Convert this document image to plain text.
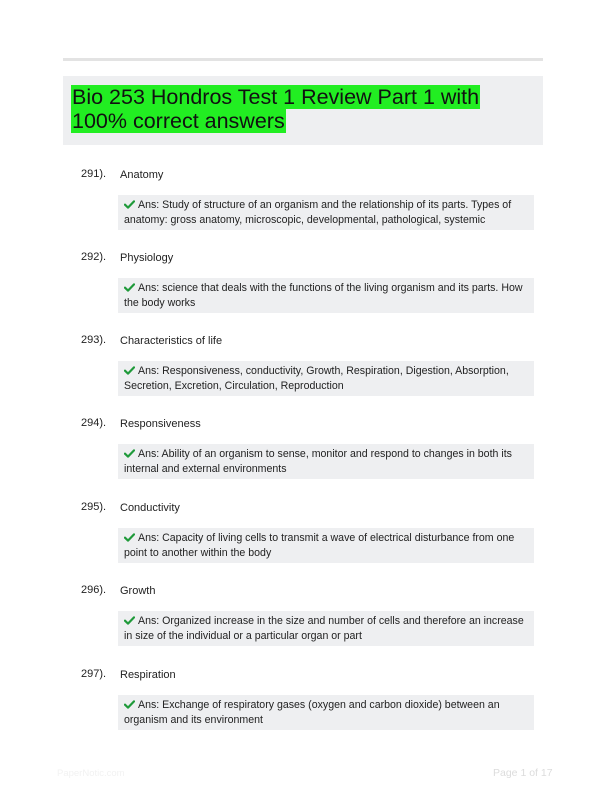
Bio 253 Hondros Test 1 Review Part 1 with 100% correct answers
291). Anatomy
Ans: Study of structure of an organism and the relationship of its parts. Types of anatomy: gross anatomy, microscopic, developmental, pathological, systemic
292). Physiology
Ans: science that deals with the functions of the living organism and its parts. How the body works
293). Characteristics of life
Ans: Responsiveness, conductivity, Growth, Respiration, Digestion, Absorption, Secretion, Excretion, Circulation, Reproduction
294). Responsiveness
Ans: Ability of an organism to sense, monitor and respond to changes in both its internal and external environments
295). Conductivity
Ans: Capacity of living cells to transmit a wave of electrical disturbance from one point to another within the body
296). Growth
Ans: Organized increase in the size and number of cells and therefore an increase in size of the individual or a particular organ or part
297). Respiration
Ans: Exchange of respiratory gases (oxygen and carbon dioxide) between an organism and its environment
PaperNotic.com	Page 1 of 17
